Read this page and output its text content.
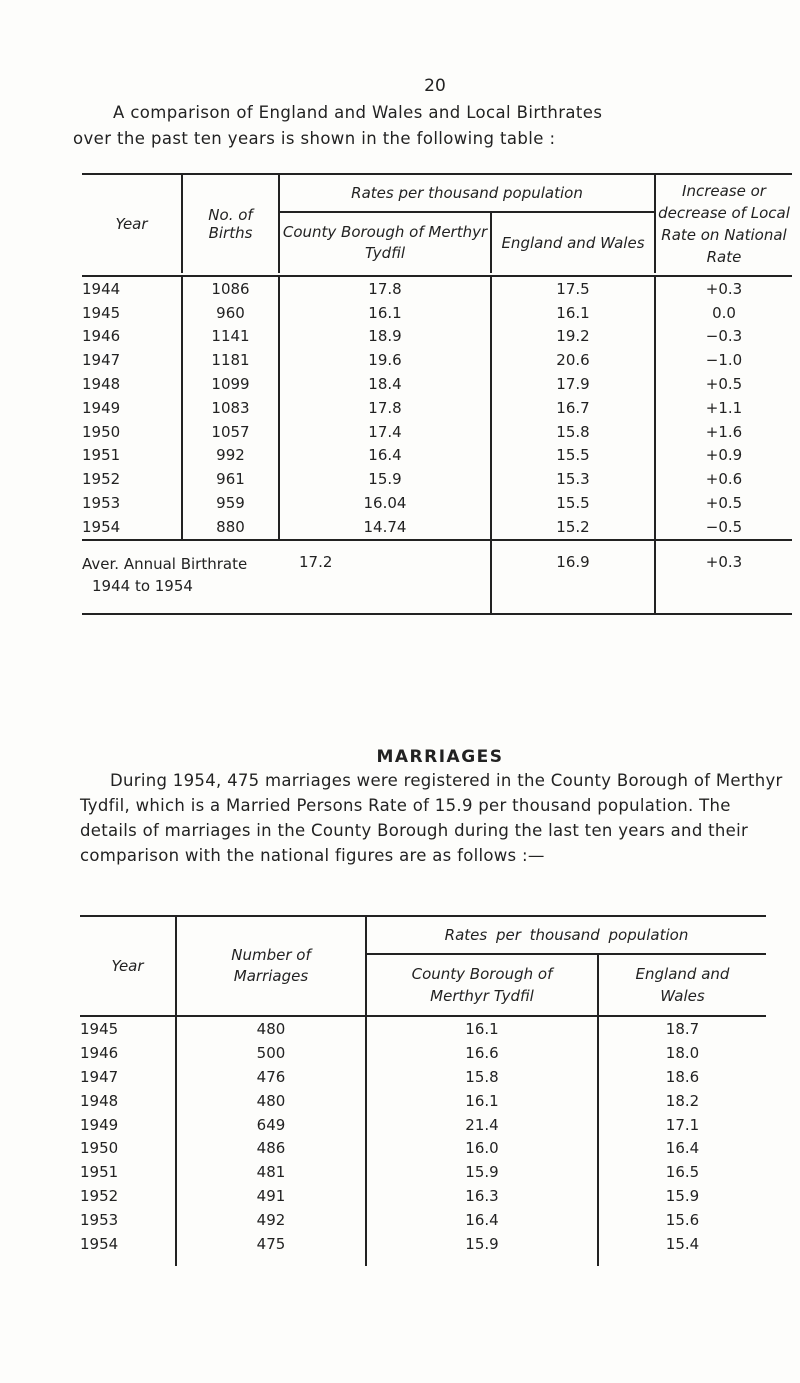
20
A comparison of England and Wales and Local Birthrates
over the past ten years is shown in the following table :
Year	No. of Births	Rates per thousand population		Increase or decrease of Local Rate on National Rate
		County Borough of Merthyr Tydfil	England and Wales	

1944	1086	17.8	17.5	+0.3
1945	960	16.1	16.1	0.0
1946	1141	18.9	19.2	−0.3
1947	1181	19.6	20.6	−1.0
1948	1099	18.4	17.9	+0.5
1949	1083	17.8	16.7	+1.1
1950	1057	17.4	15.8	+1.6
1951	992	16.4	15.5	+0.9
1952	961	15.9	15.3	+0.6
1953	959	16.04	15.5	+0.5
1954	880	14.74	15.2	−0.5
Aver. Annual Birthrate
1944 to 1954		17.2	16.9	+0.3
MARRIAGES
During 1954, 475 marriages were registered in the County Borough of Merthyr Tydfil, which is a Married Persons Rate of 15.9 per thousand population. The details of marriages in the County Borough during the last ten years and their comparison with the national figures are as follows :—
Year	Number of Marriages	Rates per thousand population	
		County Borough of Merthyr Tydfil	England and Wales
1945	480	16.1	18.7
1946	500	16.6	18.0
1947	476	15.8	18.6
1948	480	16.1	18.2
1949	649	21.4	17.1
1950	486	16.0	16.4
1951	481	15.9	16.5
1952	491	16.3	15.9
1953	492	16.4	15.6
1954	475	15.9	15.4
